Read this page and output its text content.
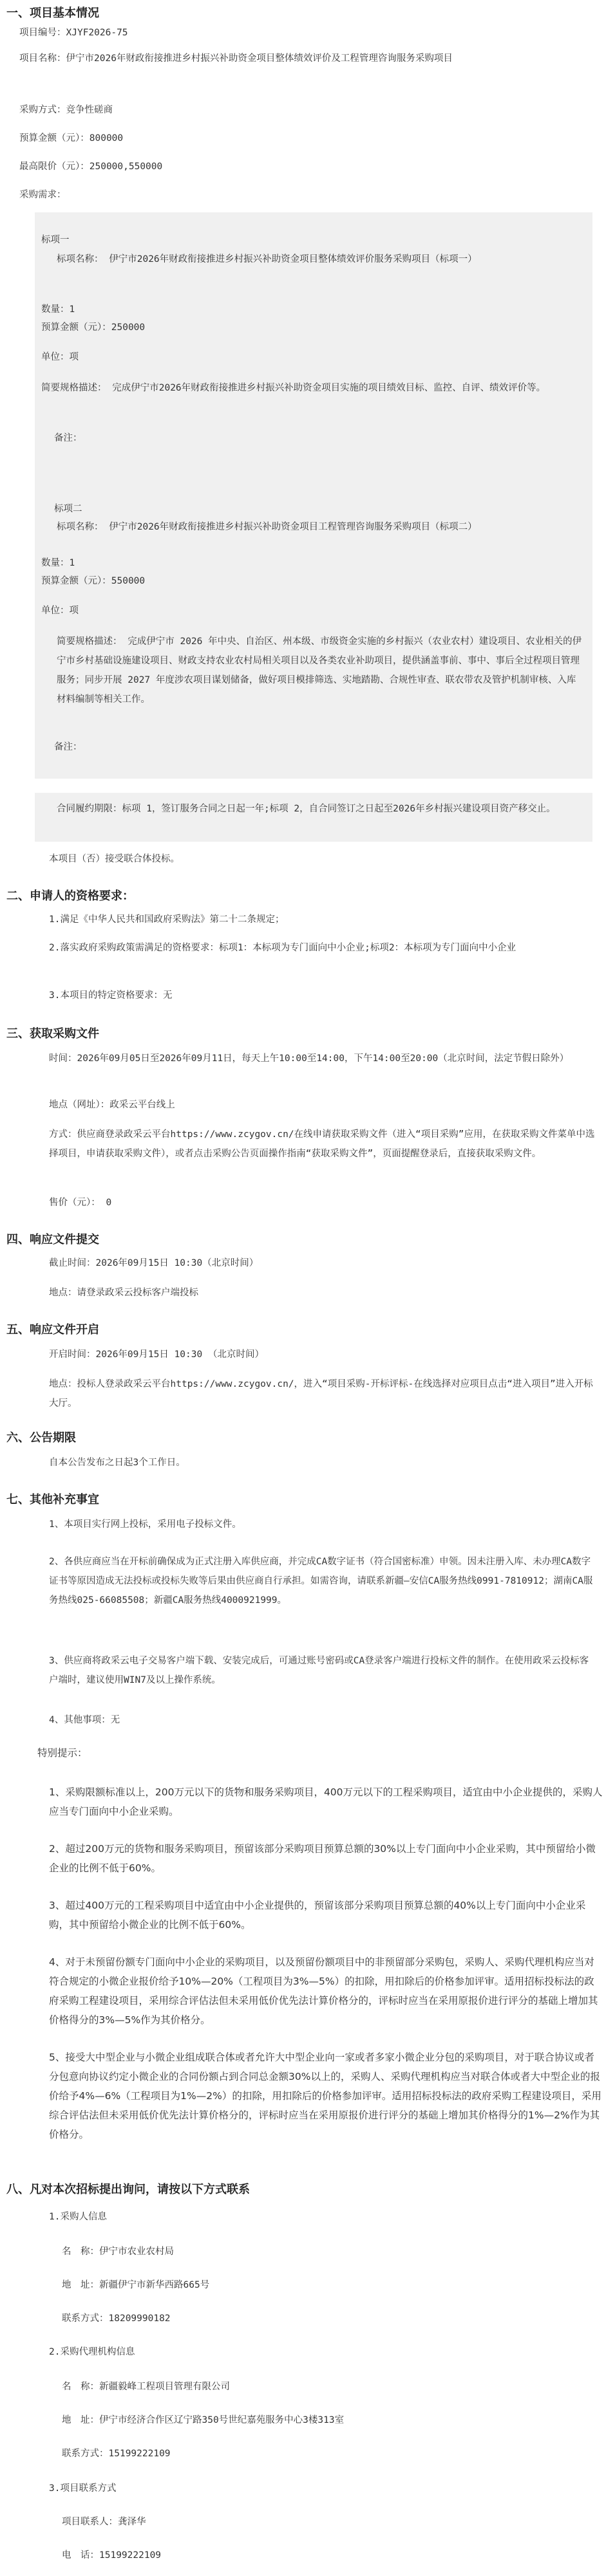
一、项目基本情况
项目编号：XJYF2026-75
项目名称：伊宁市2026年财政衔接推进乡村振兴补助资金项目整体绩效评价及工程管理咨询服务采购项目
采购方式：竞争性磋商
预算金额（元）：800000
最高限价（元）：250000,550000
采购需求：
标项一
标项名称： 伊宁市2026年财政衔接推进乡村振兴补助资金项目整体绩效评价服务采购项目（标项一）
数量：1
预算金额（元）：250000
单位：项
简要规格描述： 完成伊宁市2026年财政衔接推进乡村振兴补助资金项目实施的项目绩效目标、监控、自评、绩效评价等。
备注：
标项二
标项名称： 伊宁市2026年财政衔接推进乡村振兴补助资金项目工程管理咨询服务采购项目（标项二）
数量：1
预算金额（元）：550000
单位：项
简要规格描述： 完成伊宁市 2026 年中央、自治区、州本级、市级资金实施的乡村振兴（农业农村）建设项目、农业相关的伊宁市乡村基础设施建设项目、财政支持农业农村局相关项目以及各类农业补助项目，提供涵盖事前、事中、事后全过程项目管理服务；同步开展 2027 年度涉农项目谋划储备，做好项目模排筛选、实地踏勘、合规性审查、联农带农及管护机制审核、入库材料编制等相关工作。
备注：
合同履约期限：标项 1，签订服务合同之日起一年;标项 2，自合同签订之日起至2026年乡村振兴建设项目资产移交止。
本项目（否）接受联合体投标。
二、申请人的资格要求：
1.满足《中华人民共和国政府采购法》第二十二条规定；
2.落实政府采购政策需满足的资格要求：标项1：本标项为专门面向中小企业;标项2：本标项为专门面向中小企业
3.本项目的特定资格要求：无
三、获取采购文件
时间：2026年09月05日至2026年09月11日，每天上午10:00至14:00，下午14:00至20:00（北京时间，法定节假日除外）
地点（网址）：政采云平台线上
方式：供应商登录政采云平台https://www.zcygov.cn/在线申请获取采购文件（进入“项目采购”应用，在获取采购文件菜单中选择项目，申请获取采购文件），或者点击采购公告页面操作指南“获取采购文件”，页面提醒登录后，直接获取采购文件。
售价（元）： 0
四、响应文件提交
截止时间：2026年09月15日 10:30（北京时间）
地点：请登录政采云投标客户端投标
五、响应文件开启
开启时间：2026年09月15日 10:30 （北京时间）
地点：投标人登录政采云平台https://www.zcygov.cn/，进入“项目采购-开标评标-在线选择对应项目点击“进入项目”进入开标大厅。
六、公告期限
自本公告发布之日起3个工作日。
七、其他补充事宜
1、本项目实行网上投标，采用电子投标文件。
2、各供应商应当在开标前确保成为正式注册入库供应商，并完成CA数字证书（符合国密标准）申领。因未注册入库、未办理CA数字证书等原因造成无法投标或投标失败等后果由供应商自行承担。如需咨询，请联系新疆—安信CA服务热线0991-7810912；湖南CA服务热线025-66085508；新疆CA服务热线4000921999。
3、供应商将政采云电子交易客户端下载、安装完成后，可通过账号密码或CA登录客户端进行投标文件的制作。在使用政采云投标客户端时，建议使用WIN7及以上操作系统。
4、其他事项：无
特别提示：
1、采购限额标准以上，200万元以下的货物和服务采购项目，400万元以下的工程采购项目，适宜由中小企业提供的，采购人应当专门面向中小企业采购。
2、超过200万元的货物和服务采购项目，预留该部分采购项目预算总额的30%以上专门面向中小企业采购，其中预留给小微企业的比例不低于60%。
3、超过400万元的工程采购项目中适宜由中小企业提供的，预留该部分采购项目预算总额的40%以上专门面向中小企业采购，其中预留给小微企业的比例不低于60%。
4、对于未预留份额专门面向中小企业的采购项目，以及预留份额项目中的非预留部分采购包，采购人、采购代理机构应当对符合规定的小微企业报价给予10%—20%（工程项目为3%—5%）的扣除，用扣除后的价格参加评审。适用招标投标法的政府采购工程建设项目，采用综合评估法但未采用低价优先法计算价格分的，评标时应当在采用原报价进行评分的基础上增加其价格得分的3%—5%作为其价格分。
5、接受大中型企业与小微企业组成联合体或者允许大中型企业向一家或者多家小微企业分包的采购项目，对于联合协议或者分包意向协议约定小微企业的合同份额占到合同总金额30%以上的，采购人、采购代理机构应当对联合体或者大中型企业的报价给予4%—6%（工程项目为1%—2%）的扣除，用扣除后的价格参加评审。适用招标投标法的政府采购工程建设项目，采用综合评估法但未采用低价优先法计算价格分的，评标时应当在采用原报价进行评分的基础上增加其价格得分的1%—2%作为其价格分。
八、凡对本次招标提出询问，请按以下方式联系
1.采购人信息
名　称：伊宁市农业农村局
地　址：新疆伊宁市新华西路665号
联系方式：18209990182
2.采购代理机构信息
名　称：新疆毅峰工程项目管理有限公司
地　址：伊宁市经济合作区辽宁路350号世纪嘉苑服务中心3楼313室
联系方式：15199222109
3.项目联系方式
项目联系人：龚泽华
电　话：15199222109
